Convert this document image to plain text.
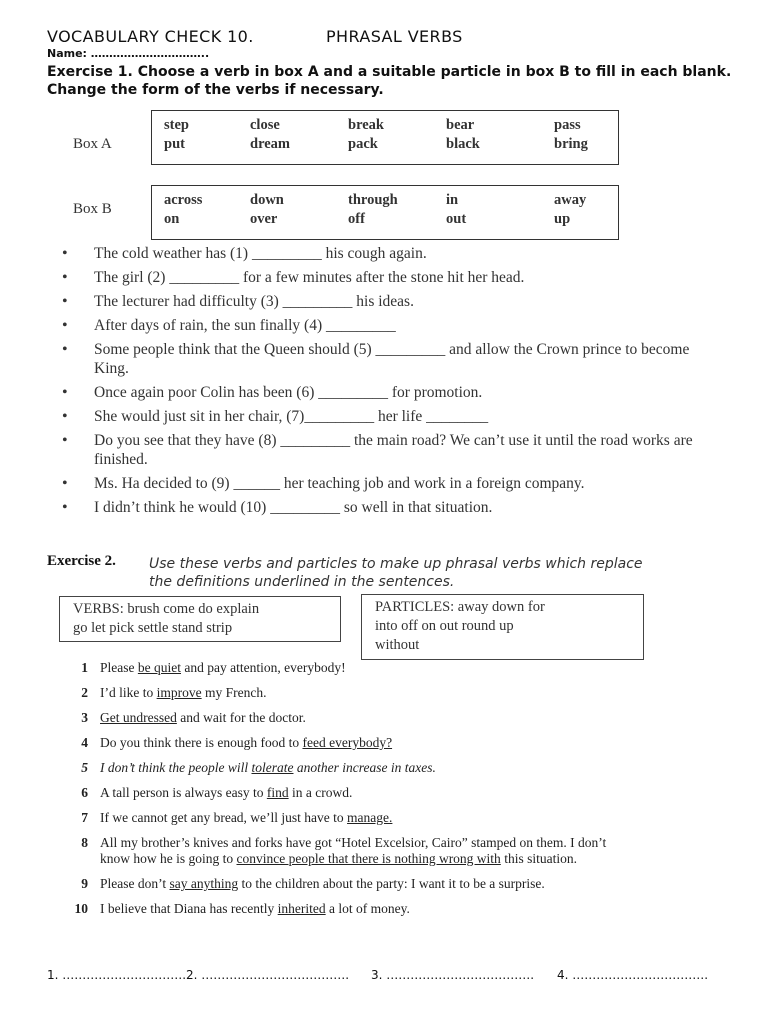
VOCABULARY CHECK 10.	PHRASAL VERBS
Name: …………………………..
Exercise 1. Choose a verb in box A and a suitable particle in box B to fill in each blank. Change the form of the verbs if necessary.
Box A
step	close	break	bear	pass
put	dream	pack	black	bring
Box B
across	down	through	in	away
on	over	off	out	up
• The cold weather has (1) _________ his cough again.
• The girl (2) _________ for a few minutes after the stone hit her head.
• The lecturer had difficulty (3) _________ his ideas.
• After days of rain, the sun finally (4) _________
• Some people think that the Queen should (5) _________ and allow the Crown prince to become King.
• Once again poor Colin has been (6) _________ for promotion.
• She would just sit in her chair, (7)_________ her life ________
• Do you see that they have (8) _________ the main road? We can’t use it until the road works are finished.
• Ms. Ha decided to (9) ______ her teaching job and work in a foreign company.
• I didn’t think he would (10) _________ so well in that situation.
Exercise 2. Use these verbs and particles to make up phrasal verbs which replace the definitions underlined in the sentences.
VERBS: brush come do explain
go let pick settle stand strip
PARTICLES: away down for
into off on out round up
without
1 Please be quiet and pay attention, everybody!
2 I’d like to improve my French.
3 Get undressed and wait for the doctor.
4 Do you think there is enough food to feed everybody?
5 I don’t think the people will tolerate another increase in taxes.
6 A tall person is always easy to find in a crowd.
7 If we cannot get any bread, we’ll just have to manage.
8 All my brother’s knives and forks have got “Hotel Excelsior, Cairo” stamped on them. I don’t know how he is going to convince people that there is nothing wrong with this situation.
9 Please don’t say anything to the children about the party: I want it to be a surprise.
10 I believe that Diana has recently inherited a lot of money.
1. …………………………. 2. ………………………………. 3. ………………………………. 4. …………………………….
